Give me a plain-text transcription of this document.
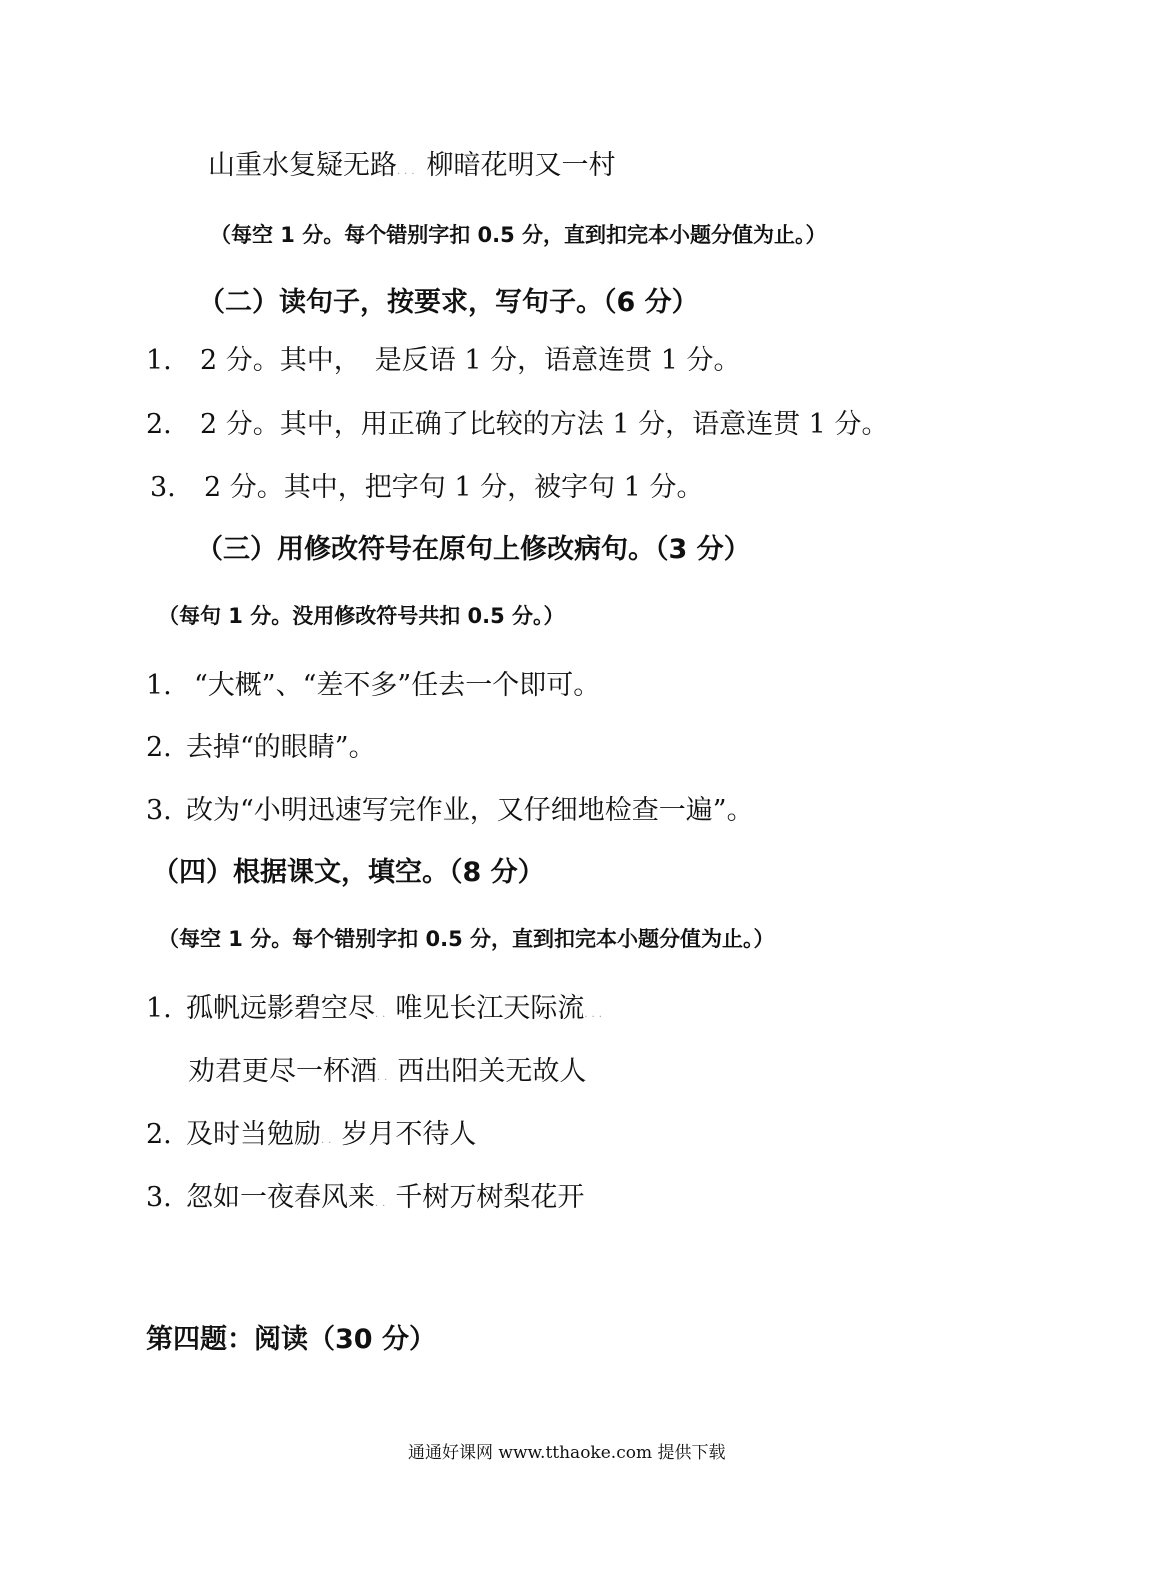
山重水复疑无路... 柳暗花明又一村
（每空 1 分。每个错别字扣 0.5 分，直到扣完本小题分值为止。）
（二）读句子，按要求，写句子。（6 分）
1. 2 分。其中， 是反语 1 分，语意连贯 1 分。
2. 2 分。其中，用正确了比较的方法 1 分，语意连贯 1 分。
3. 2 分。其中，把字句 1 分，被字句 1 分。
（三）用修改符号在原句上修改病句。（3 分）
（每句 1 分。没用修改符号共扣 0.5 分。）
1. “大概”、“差不多”任去一个即可。
2. 去掉“的眼睛”。
3. 改为“小明迅速写完作业，又仔细地检查一遍”。
（四）根据课文，填空。（8 分）
（每空 1 分。每个错别字扣 0.5 分，直到扣完本小题分值为止。）
1. 孤帆远影碧空尽.. 唯见长江天际流...
劝君更尽一杯酒.. 西出阳关无故人
2. 及时当勉励.. 岁月不待人
3. 忽如一夜春风来.. 千树万树梨花开
第四题：阅读（30 分）
通通好课网 www.tthaoke.com 提供下载
